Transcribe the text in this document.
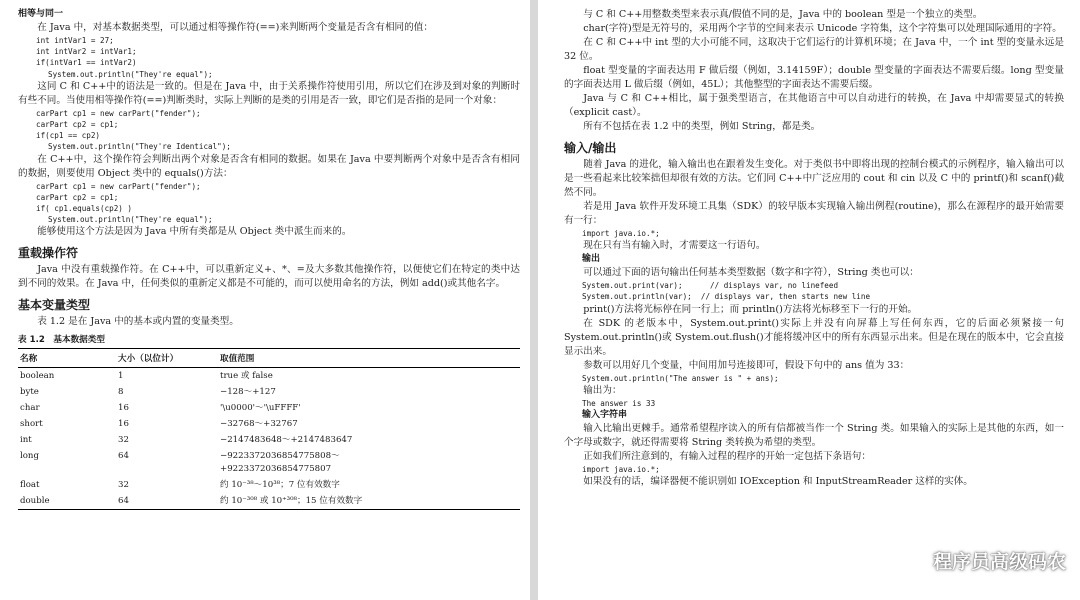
相等与同一

在 Java 中，对基本数据类型，可以通过相等操作符(==)来判断两个变量是否含有相同的值：

int intVar1 = 27;

int intVar2 = intVar1;

if(intVar1 == intVar2)

System.out.println("They're equal");

这同 C 和 C++中的语法是一致的。但是在 Java 中，由于关系操作符使用引用，所以它们在涉及到对象的判断时有些不同。当使用相等操作符(==)判断类时，实际上判断的是类的引用是否一致，即它们是否指的是同一个对象：

carPart cp1 = new carPart("fender");

carPart cp2 = cp1;

if(cp1 == cp2)

System.out.println("They're Identical");

在 C++中，这个操作符会判断出两个对象是否含有相同的数据。如果在 Java 中要判断两个对象中是否含有相同的数据，则要使用 Object 类中的 equals()方法：

carPart cp1 = new carPart("fender");

carPart cp2 = cp1;

if( cp1.equals(cp2) )

System.out.println("They're equal");

能够使用这个方法是因为 Java 中所有类都是从 Object 类中派生而来的。

重载操作符

Java 中没有重载操作符。在 C++中，可以重新定义+、*、=及大多数其他操作符，以便使它们在特定的类中达到不同的效果。在 Java 中，任何类似的重新定义都是不可能的，而可以使用命名的方法，例如 add()或其他名字。

基本变量类型

表 1.2 是在 Java 中的基本或内置的变量类型。

表 1.2　基本数据类型

名称	大小（以位计）	取值范围
boolean	1	true 或 false
byte	8	−128～+127
char	16	'\u0000'～'\uFFFF'
short	16	−32768～+32767
int	32	−2147483648～+2147483647
long	64	−9223372036854775808～
+9223372036854775807
float	32	约 10⁻³⁸～10³⁸；7 位有效数字
double	64	约 10⁻³⁰⁸ 或 10⁺³⁰⁸；15 位有效数字

与 C 和 C++用整数类型来表示真/假值不同的是，Java 中的 boolean 型是一个独立的类型。

char(字符)型是无符号的，采用两个字节的空间来表示 Unicode 字符集，这个字符集可以处理国际通用的字符。

在 C 和 C++中 int 型的大小可能不同，这取决于它们运行的计算机环境；在 Java 中，一个 int 型的变量永远是 32 位。

float 型变量的字面表达用 F 做后缀（例如，3.14159F）；double 型变量的字面表达不需要后缀。long 型变量的字面表达用 L 做后缀（例如，45L）；其他整型的字面表达不需要后缀。

Java 与 C 和 C++相比，属于强类型语言，在其他语言中可以自动进行的转换，在 Java 中却需要显式的转换（explicit cast）。

所有不包括在表 1.2 中的类型，例如 String，都是类。

输入/输出

随着 Java 的进化，输入输出也在跟着发生变化。对于类似书中即将出现的控制台模式的示例程序，输入输出可以是一些看起来比较笨拙但却很有效的方法。它们同 C++中广泛应用的 cout 和 cin 以及 C 中的 printf()和 scanf()截然不同。

若是用 Java 软件开发环境工具集（SDK）的较早版本实现输入输出例程(routine)，那么在源程序的最开始需要有一行：

import java.io.*;

现在只有当有输入时，才需要这一行语句。

输出

可以通过下面的语句输出任何基本类型数据（数字和字符），String 类也可以：

System.out.print(var);      // displays var, no linefeed

System.out.println(var);  // displays var, then starts new line

print()方法将光标停在同一行上；而 println()方法将光标移至下一行的开始。

在 SDK 的老版本中，System.out.print()实际上并没有向屏幕上写任何东西，它的后面必须紧接一句 System.out.println()或 System.out.flush()才能将缓冲区中的所有东西显示出来。但是在现在的版本中，它会直接显示出来。

参数可以用好几个变量，中间用加号连接即可，假设下句中的 ans 值为 33：

System.out.println("The answer is " + ans);

输出为：

The answer is 33

输入字符串

输入比输出更棘手。通常希望程序读入的所有信都被当作一个 String 类。如果输入的实际上是其他的东西，如一个字母或数字，就还得需要将 String 类转换为希望的类型。

正如我们所注意到的，有输入过程的程序的开始一定包括下条语句：

import java.io.*;

如果没有的话，编译器便不能识别如 IOException 和 InputStreamReader 这样的实体。

程序员高级码农
